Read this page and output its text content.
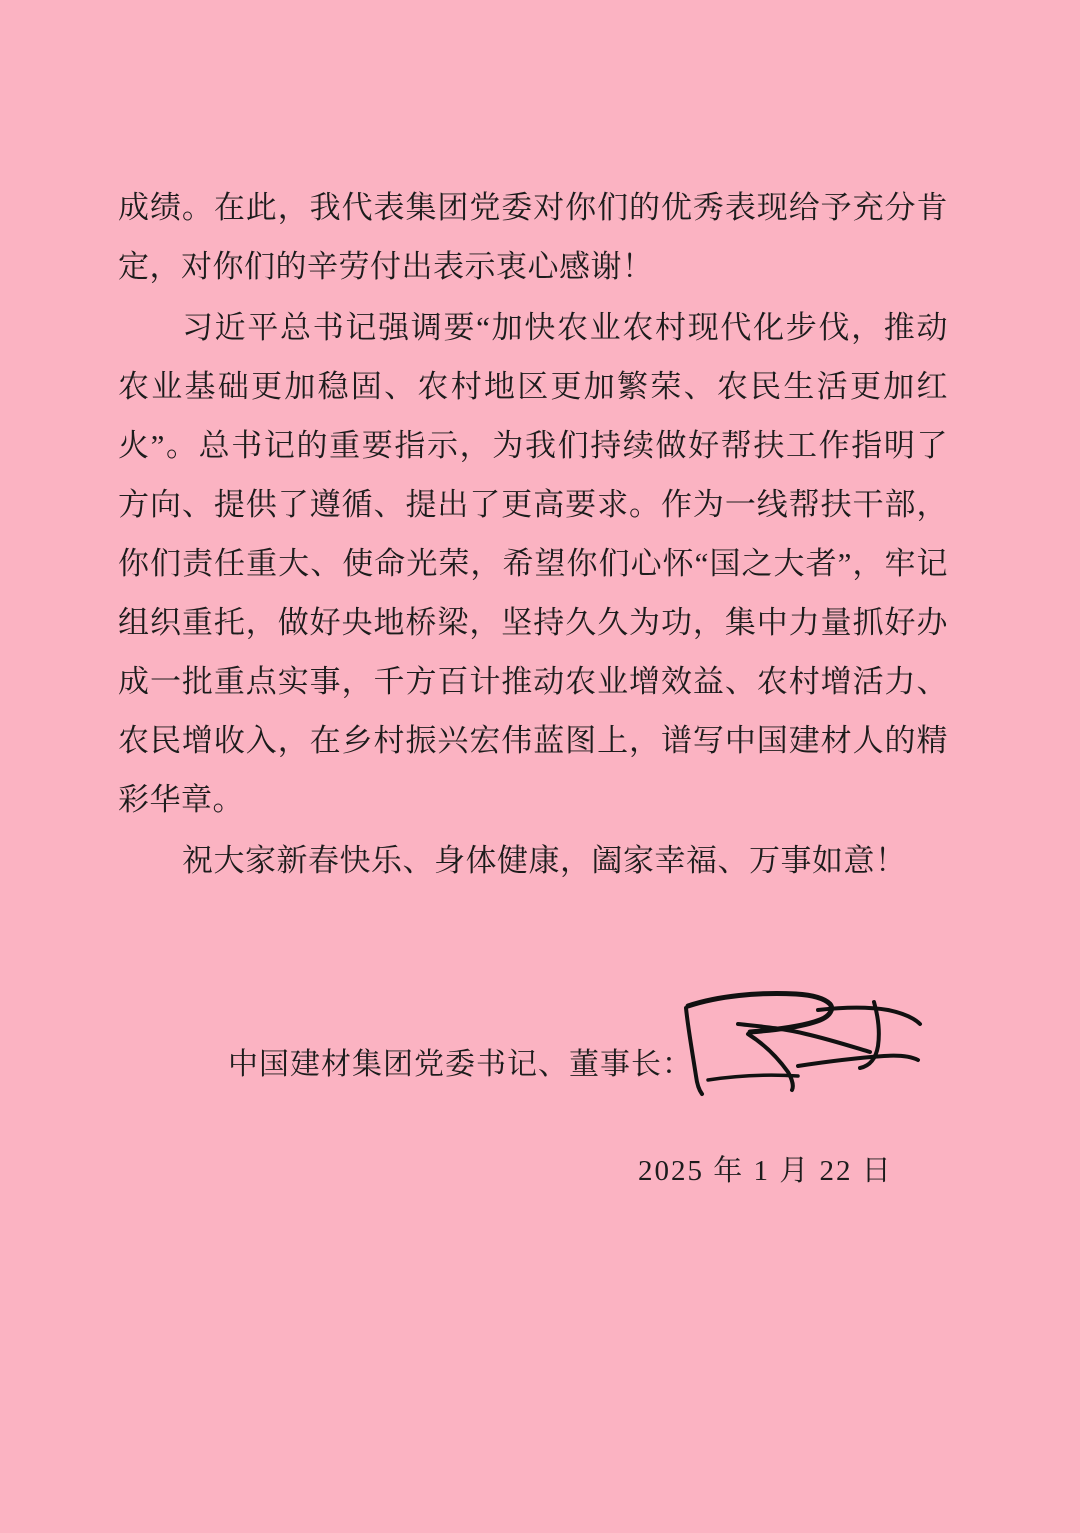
成绩。在此，我代表集团党委对你们的优秀表现给予充分肯定，对你们的辛劳付出表示衷心感谢！

习近平总书记强调要“加快农业农村现代化步伐，推动农业基础更加稳固、农村地区更加繁荣、农民生活更加红火”。总书记的重要指示，为我们持续做好帮扶工作指明了方向、提供了遵循、提出了更高要求。作为一线帮扶干部，你们责任重大、使命光荣，希望你们心怀“国之大者”，牢记组织重托，做好央地桥梁，坚持久久为功，集中力量抓好办成一批重点实事，千方百计推动农业增效益、农村增活力、农民增收入，在乡村振兴宏伟蓝图上，谱写中国建材人的精彩华章。

祝大家新春快乐、身体健康，阖家幸福、万事如意！

中国建材集团党委书记、董事长：
2025 年 1 月 22 日
